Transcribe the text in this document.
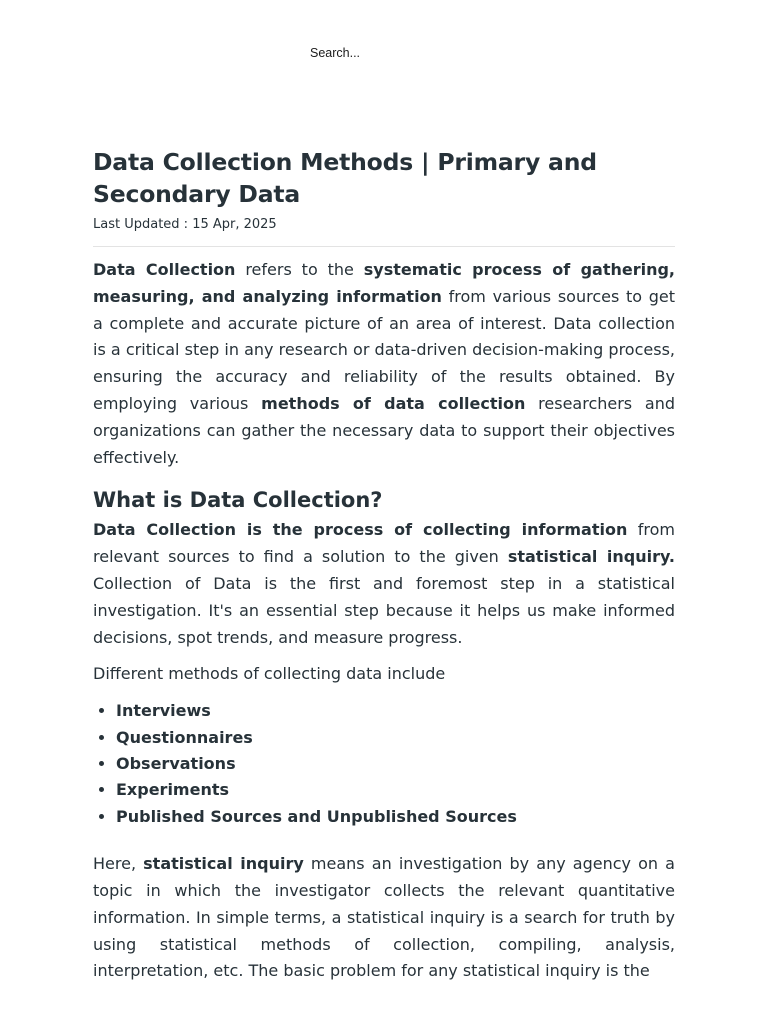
Search...
Data Collection Methods | Primary and Secondary Data
Last Updated : 15 Apr, 2025

Data Collection refers to the systematic process of gathering, measuring, and analyzing information from various sources to get a complete and accurate picture of an area of interest. Data collection is a critical step in any research or data-driven decision-making process, ensuring the accuracy and reliability of the results obtained. By employing various methods of data collection researchers and organizations can gather the necessary data to support their objectives effectively.

What is Data Collection?

Data Collection is the process of collecting information from relevant sources to find a solution to the given statistical inquiry. Collection of Data is the first and foremost step in a statistical investigation. It's an essential step because it helps us make informed decisions, spot trends, and measure progress.

Different methods of collecting data include

• Interviews
• Questionnaires
• Observations
• Experiments
• Published Sources and Unpublished Sources

Here, statistical inquiry means an investigation by any agency on a topic in which the investigator collects the relevant quantitative information. In simple terms, a statistical inquiry is a search for truth by using statistical methods of collection, compiling, analysis, interpretation, etc. The basic problem for any statistical inquiry is the
